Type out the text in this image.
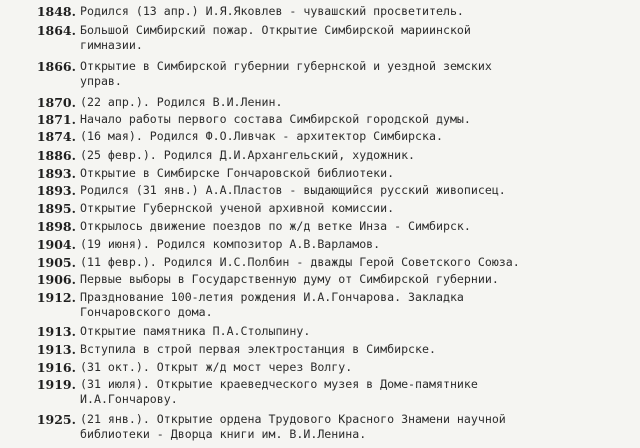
1848. Родился (13 апр.) И.Я.Яковлев - чувашский просветитель.
1864. Большой Симбирский пожар. Открытие Симбирской мариинской
гимназии.
1866. Открытие в Симбирской губернии губернской и уездной земских
управ.
1870. (22 апр.). Родился В.И.Ленин.
1871. Начало работы первого состава Симбирской городской думы.
1874. (16 мая). Родился Ф.О.Ливчак - архитектор Симбирска.
1886. (25 февр.). Родился Д.И.Архангельский, художник.
1893. Открытие в Симбирске Гончаровской библиотеки.
1893. Родился (31 янв.) А.А.Пластов - выдающийся русский живописец.
1895. Открытие Губернской ученой архивной комиссии.
1898. Открылось движение поездов по ж/д ветке Инза - Симбирск.
1904. (19 июня). Родился композитор А.В.Варламов.
1905. (11 февр.). Родился И.С.Полбин - дважды Герой Советского Союза.
1906. Первые выборы в Государственную думу от Симбирской губернии.
1912. Празднование 100-летия рождения И.А.Гончарова. Закладка
Гончаровского дома.
1913. Открытие памятника П.А.Столыпину.
1913. Вступила в строй первая электростанция в Симбирске.
1916. (31 окт.). Открыт ж/д мост через Волгу.
1919. (31 июля). Открытие краеведческого музея в Доме-памятнике
И.А.Гончарову.
1925. (21 янв.). Открытие ордена Трудового Красного Знамени научной
библиотеки - Дворца книги им. В.И.Ленина.
